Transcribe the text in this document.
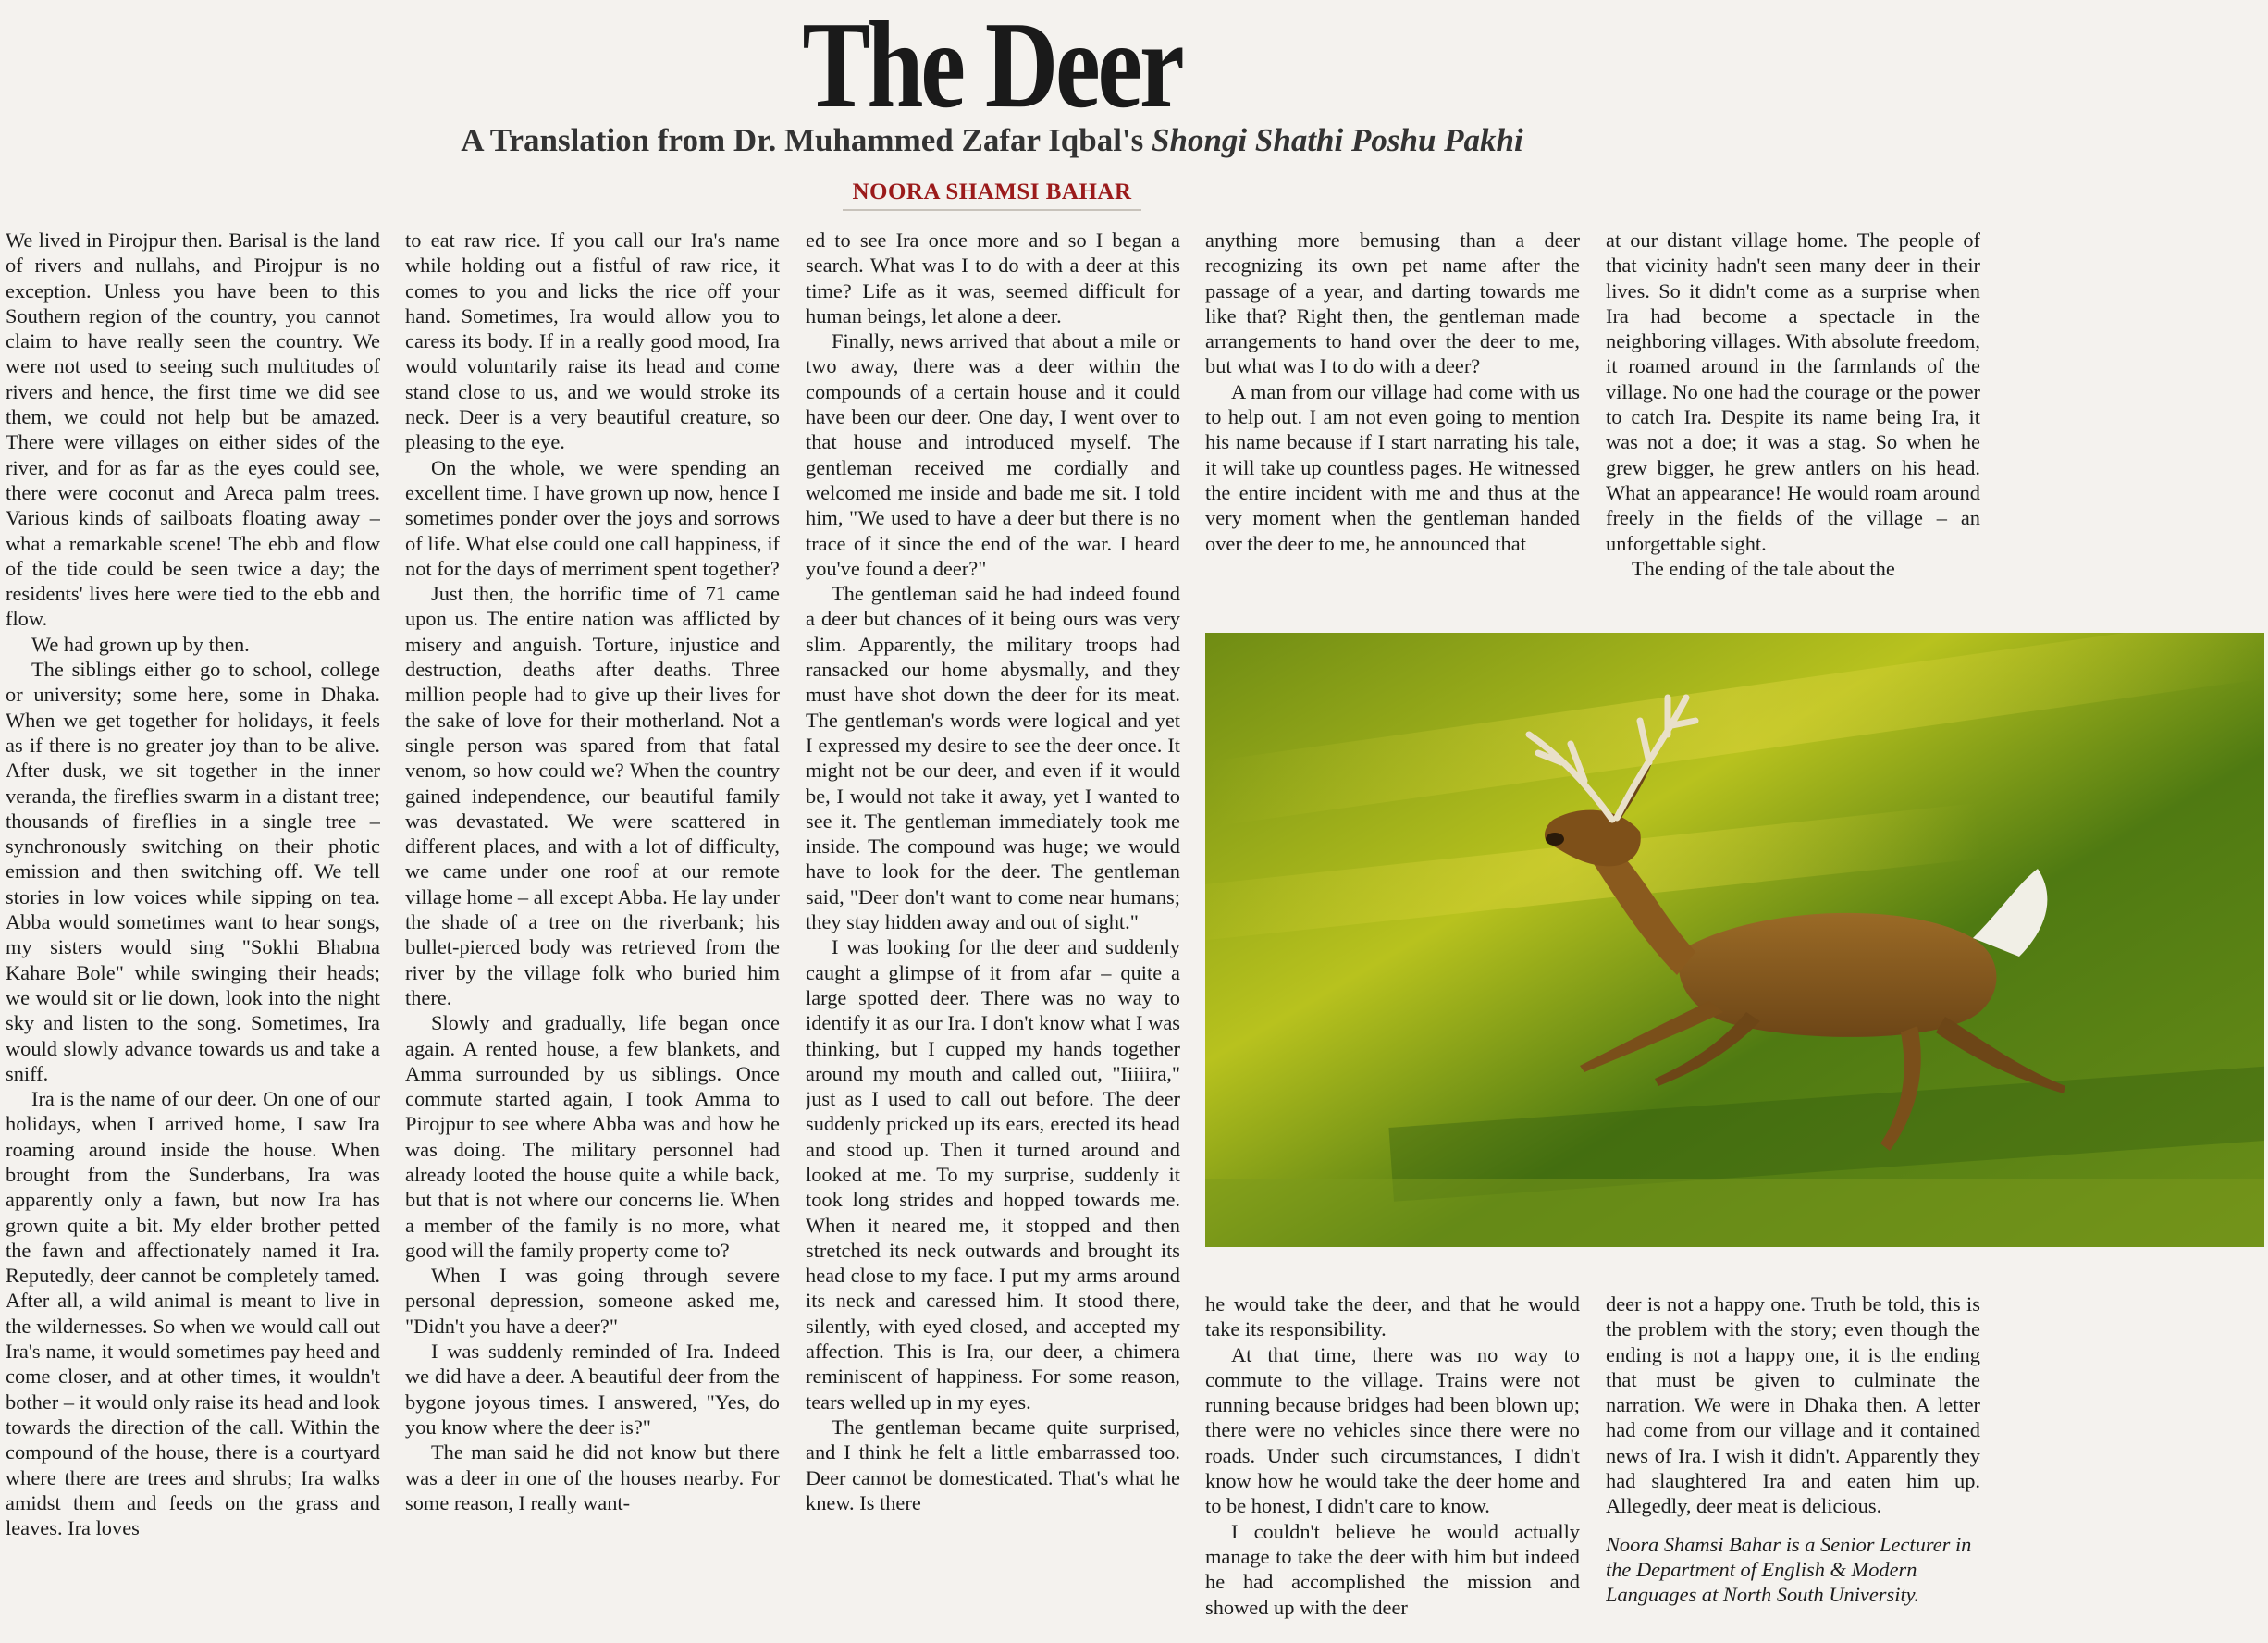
The Deer
A Translation from Dr. Muhammed Zafar Iqbal's Shongi Shathi Poshu Pakhi
NOORA SHAMSI BAHAR

We lived in Pirojpur then. Barisal is the land of rivers and nullahs, and Pirojpur is no exception. Unless you have been to this Southern region of the country, you cannot claim to have really seen the country. We were not used to seeing such multitudes of rivers and hence, the first time we did see them, we could not help but be amazed. There were villages on either sides of the river, and for as far as the eyes could see, there were coconut and Areca palm trees. Various kinds of sailboats floating away – what a remarkable scene! The ebb and flow of the tide could be seen twice a day; the residents' lives here were tied to the ebb and flow.

We had grown up by then.

The siblings either go to school, college or university; some here, some in Dhaka. When we get together for holidays, it feels as if there is no greater joy than to be alive. After dusk, we sit together in the inner veranda, the fireflies swarm in a distant tree; thousands of fireflies in a single tree – synchronously switching on their photic emission and then switching off. We tell stories in low voices while sipping on tea. Abba would sometimes want to hear songs, my sisters would sing "Sokhi Bhabna Kahare Bole" while swinging their heads; we would sit or lie down, look into the night sky and listen to the song. Sometimes, Ira would slowly advance towards us and take a sniff.

Ira is the name of our deer. On one of our holidays, when I arrived home, I saw Ira roaming around inside the house. When brought from the Sunderbans, Ira was apparently only a fawn, but now Ira has grown quite a bit. My elder brother petted the fawn and affectionately named it Ira. Reputedly, deer cannot be completely tamed. After all, a wild animal is meant to live in the wildernesses. So when we would call out Ira's name, it would sometimes pay heed and come closer, and at other times, it wouldn't bother – it would only raise its head and look towards the direction of the call. Within the compound of the house, there is a courtyard where there are trees and shrubs; Ira walks amidst them and feeds on the grass and leaves. Ira loves

to eat raw rice. If you call our Ira's name while holding out a fistful of raw rice, it comes to you and licks the rice off your hand. Sometimes, Ira would allow you to caress its body. If in a really good mood, Ira would voluntarily raise its head and come stand close to us, and we would stroke its neck. Deer is a very beautiful creature, so pleasing to the eye.

On the whole, we were spending an excellent time. I have grown up now, hence I sometimes ponder over the joys and sorrows of life. What else could one call happiness, if not for the days of merriment spent together?

Just then, the horrific time of 71 came upon us. The entire nation was afflicted by misery and anguish. Torture, injustice and destruction, deaths after deaths. Three million people had to give up their lives for the sake of love for their motherland. Not a single person was spared from that fatal venom, so how could we? When the country gained independence, our beautiful family was devastated. We were scattered in different places, and with a lot of difficulty, we came under one roof at our remote village home – all except Abba. He lay under the shade of a tree on the riverbank; his bullet-pierced body was retrieved from the river by the village folk who buried him there.

Slowly and gradually, life began once again. A rented house, a few blankets, and Amma surrounded by us siblings. Once commute started again, I took Amma to Pirojpur to see where Abba was and how he was doing. The military personnel had already looted the house quite a while back, but that is not where our concerns lie. When a member of the family is no more, what good will the family property come to?

When I was going through severe personal depression, someone asked me, "Didn't you have a deer?"

I was suddenly reminded of Ira. Indeed we did have a deer. A beautiful deer from the bygone joyous times. I answered, "Yes, do you know where the deer is?"

The man said he did not know but there was a deer in one of the houses nearby. For some reason, I really want-

ed to see Ira once more and so I began a search. What was I to do with a deer at this time? Life as it was, seemed difficult for human beings, let alone a deer.

Finally, news arrived that about a mile or two away, there was a deer within the compounds of a certain house and it could have been our deer. One day, I went over to that house and introduced myself. The gentleman received me cordially and welcomed me inside and bade me sit. I told him, "We used to have a deer but there is no trace of it since the end of the war. I heard you've found a deer?"

The gentleman said he had indeed found a deer but chances of it being ours was very slim. Apparently, the military troops had ransacked our home abysmally, and they must have shot down the deer for its meat. The gentleman's words were logical and yet I expressed my desire to see the deer once. It might not be our deer, and even if it would be, I would not take it away, yet I wanted to see it. The gentleman immediately took me inside. The compound was huge; we would have to look for the deer. The gentleman said, "Deer don't want to come near humans; they stay hidden away and out of sight."

I was looking for the deer and suddenly caught a glimpse of it from afar – quite a large spotted deer. There was no way to identify it as our Ira. I don't know what I was thinking, but I cupped my hands together around my mouth and called out, "Iiiiira," just as I used to call out before. The deer suddenly pricked up its ears, erected its head and stood up. Then it turned around and looked at me. To my surprise, suddenly it took long strides and hopped towards me. When it neared me, it stopped and then stretched its neck outwards and brought its head close to my face. I put my arms around its neck and caressed him. It stood there, silently, with eyed closed, and accepted my affection. This is Ira, our deer, a chimera reminiscent of happiness. For some reason, tears welled up in my eyes.

The gentleman became quite surprised, and I think he felt a little embarrassed too. Deer cannot be domesticated. That's what he knew. Is there

anything more bemusing than a deer recognizing its own pet name after the passage of a year, and darting towards me like that? Right then, the gentleman made arrangements to hand over the deer to me, but what was I to do with a deer?

A man from our village had come with us to help out. I am not even going to mention his name because if I start narrating his tale, it will take up countless pages. He witnessed the entire incident with me and thus at the very moment when the gentleman handed over the deer to me, he announced that

at our distant village home. The people of that vicinity hadn't seen many deer in their lives. So it didn't come as a surprise when Ira had become a spectacle in the neighboring villages. With absolute freedom, it roamed around in the farmlands of the village. No one had the courage or the power to catch Ira. Despite its name being Ira, it was not a doe; it was a stag. So when he grew bigger, he grew antlers on his head. What an appearance! He would roam around freely in the fields of the village – an unforgettable sight.

The ending of the tale about the

he would take the deer, and that he would take its responsibility.

At that time, there was no way to commute to the village. Trains were not running because bridges had been blown up; there were no vehicles since there were no roads. Under such circumstances, I didn't know how he would take the deer home and to be honest, I didn't care to know.

I couldn't believe he would actually manage to take the deer with him but indeed he had accomplished the mission and showed up with the deer

deer is not a happy one. Truth be told, this is the problem with the story; even though the ending is not a happy one, it is the ending that must be given to culminate the narration. We were in Dhaka then. A letter had come from our village and it contained news of Ira. I wish it didn't. Apparently they had slaughtered Ira and eaten him up. Allegedly, deer meat is delicious.

Noora Shamsi Bahar is a Senior Lecturer in the Department of English & Modern Languages at North South University.
